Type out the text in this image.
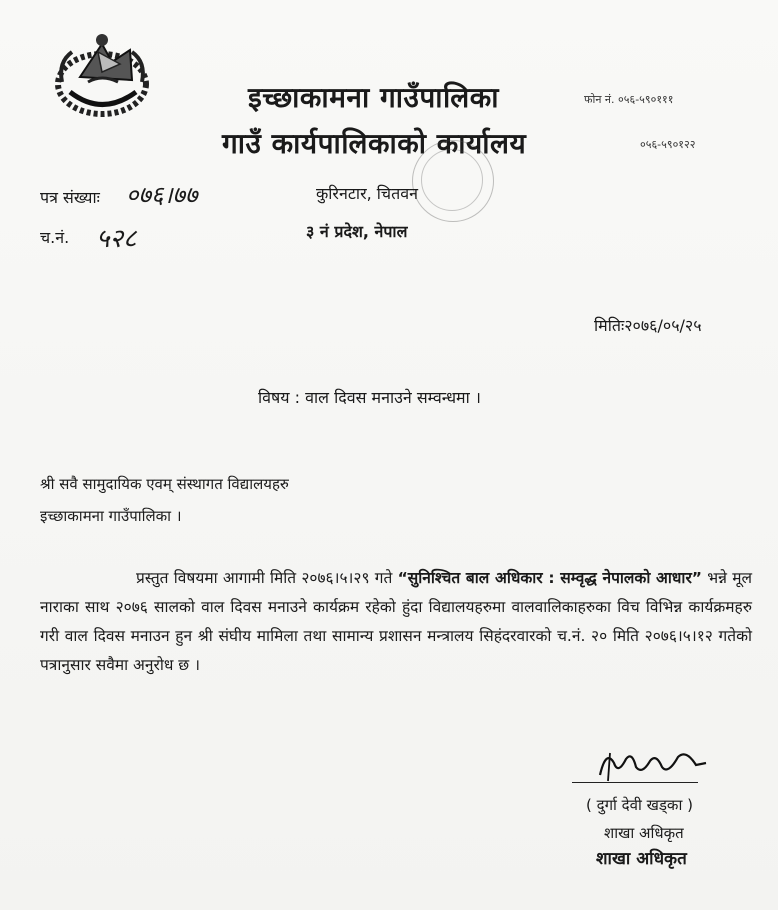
इच्छाकामना गाउँपालिका
गाउँ कार्यपालिकाको कार्यालय
फोन नं. ०५६-५९०१११
०५६-५९०१२२
पत्र संख्याः ०७६।७७
च.नं. ५२८
कुरिनटार, चितवन
३ नं प्रदेश, नेपाल
मितिः२०७६/०५/२५
विषय : वाल दिवस मनाउने सम्वन्धमा ।
श्री सवै सामुदायिक एवम् संस्थागत विद्यालयहरु
इच्छाकामना गाउँपालिका ।
प्रस्तुत विषयमा आगामी मिति २०७६।५।२९ गते “सुनिश्चित बाल अधिकार : सम्वृद्ध नेपालको आधार” भन्ने मूल नाराका साथ २०७६ सालको वाल दिवस मनाउने कार्यक्रम रहेको हुंदा विद्यालयहरुमा वालवालिकाहरुका विच विभिन्न कार्यक्रमहरु गरी वाल दिवस मनाउन हुन श्री संघीय मामिला तथा सामान्य प्रशासन मन्त्रालय सिहंदरवारको च.नं. २० मिति २०७६।५।१२ गतेको पत्रानुसार सवैमा अनुरोध छ ।
( दुर्गा देवी खड्का )
शाखा अधिकृत
शाखा अधिकृत
